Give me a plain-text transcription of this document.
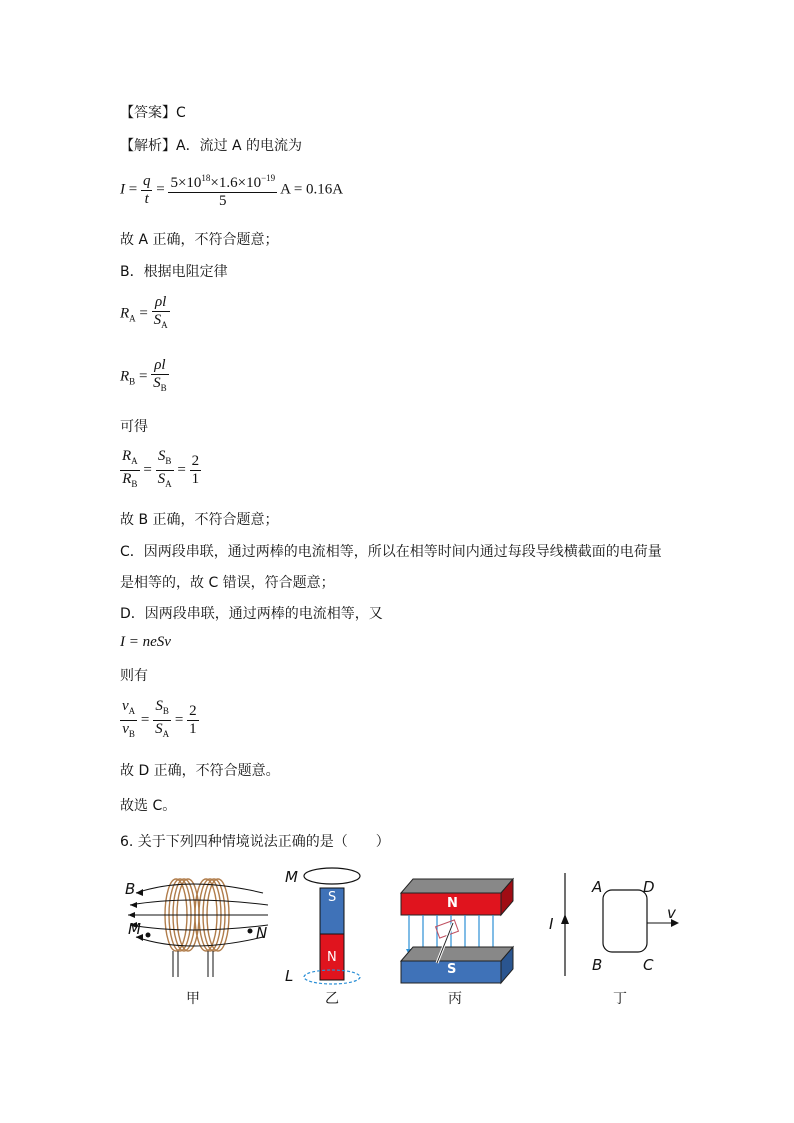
【答案】C
【解析】A．流过 A 的电流为
$I = \frac{q}{t} = \frac{5\times 10^{18}\times 1.6\times 10^{-19}}{5}$ A = 0.16A
故 A 正确，不符合题意；
B．根据电阻定律
$R_A = \frac{\rho l}{S_A}$
$R_B = \frac{\rho l}{S_B}$
可得
$\frac{R_A}{R_B} = \frac{S_B}{S_A} = \frac{2}{1}$
故 B 正确，不符合题意；
C．因两段串联，通过两棒的电流相等，所以在相等时间内通过每段导线横截面的电荷量
是相等的，故 C 错误，符合题意；
D．因两段串联，通过两棒的电流相等，又
I = neSv
则有
$\frac{v_A}{v_B} = \frac{S_B}{S_A} = \frac{2}{1}$
故 D 正确，不符合题意。
故选 C。
6. 关于下列四种情境说法正确的是（　　）
B
M	N
甲
M
L
S
N
乙
N
S
丙
I
A	D
B	C
v
丁
